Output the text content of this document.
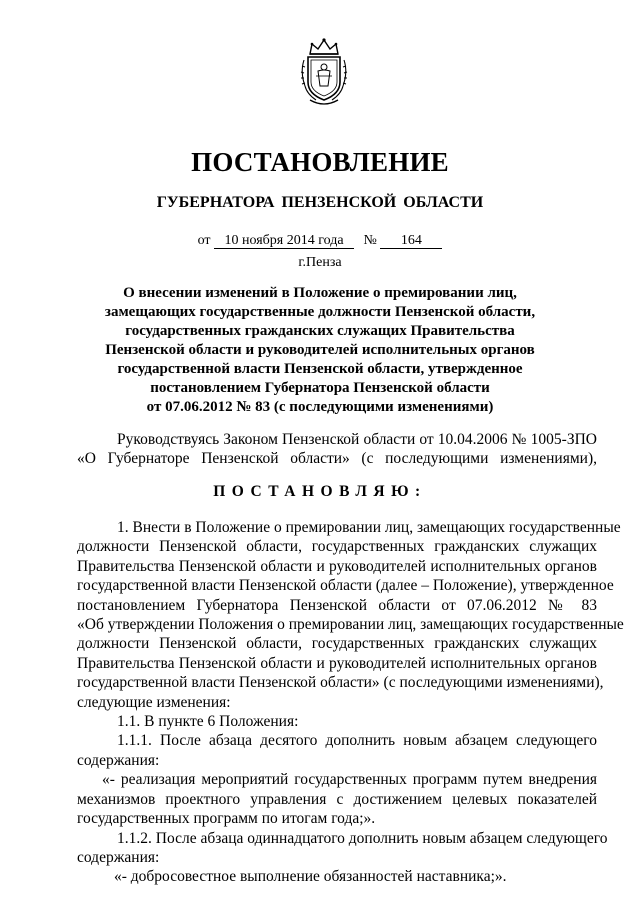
ПОСТАНОВЛЕНИЕ
ГУБЕРНАТОРА ПЕНЗЕНСКОЙ ОБЛАСТИ
от 10 ноября 2014 года № 164
г.Пенза
О внесении изменений в Положение о премировании лиц,
замещающих государственные должности Пензенской области,
государственных гражданских служащих Правительства
Пензенской области и руководителей исполнительных органов
государственной власти Пензенской области, утвержденное
постановлением Губернатора Пензенской области
от 07.06.2012 № 83 (с последующими изменениями)
Руководствуясь Законом Пензенской области от 10.04.2006 № 1005-ЗПО
«О Губернаторе Пензенской области» (с последующими изменениями),
ПОСТАНОВЛЯЮ:
1. Внести в Положение о премировании лиц, замещающих государственные
должности Пензенской области, государственных гражданских служащих
Правительства Пензенской области и руководителей исполнительных органов
государственной власти Пензенской области (далее – Положение), утвержденное
постановлением Губернатора Пензенской области от 07.06.2012 № 83
«Об утверждении Положения о премировании лиц, замещающих государственные
должности Пензенской области, государственных гражданских служащих
Правительства Пензенской области и руководителей исполнительных органов
государственной власти Пензенской области» (с последующими изменениями),
следующие изменения:
1.1. В пункте 6 Положения:
1.1.1. После абзаца десятого дополнить новым абзацем следующего
содержания:
«- реализация мероприятий государственных программ путем внедрения
механизмов проектного управления с достижением целевых показателей
государственных программ по итогам года;».
1.1.2. После абзаца одиннадцатого дополнить новым абзацем следующего
содержания:
«- добросовестное выполнение обязанностей наставника;».
